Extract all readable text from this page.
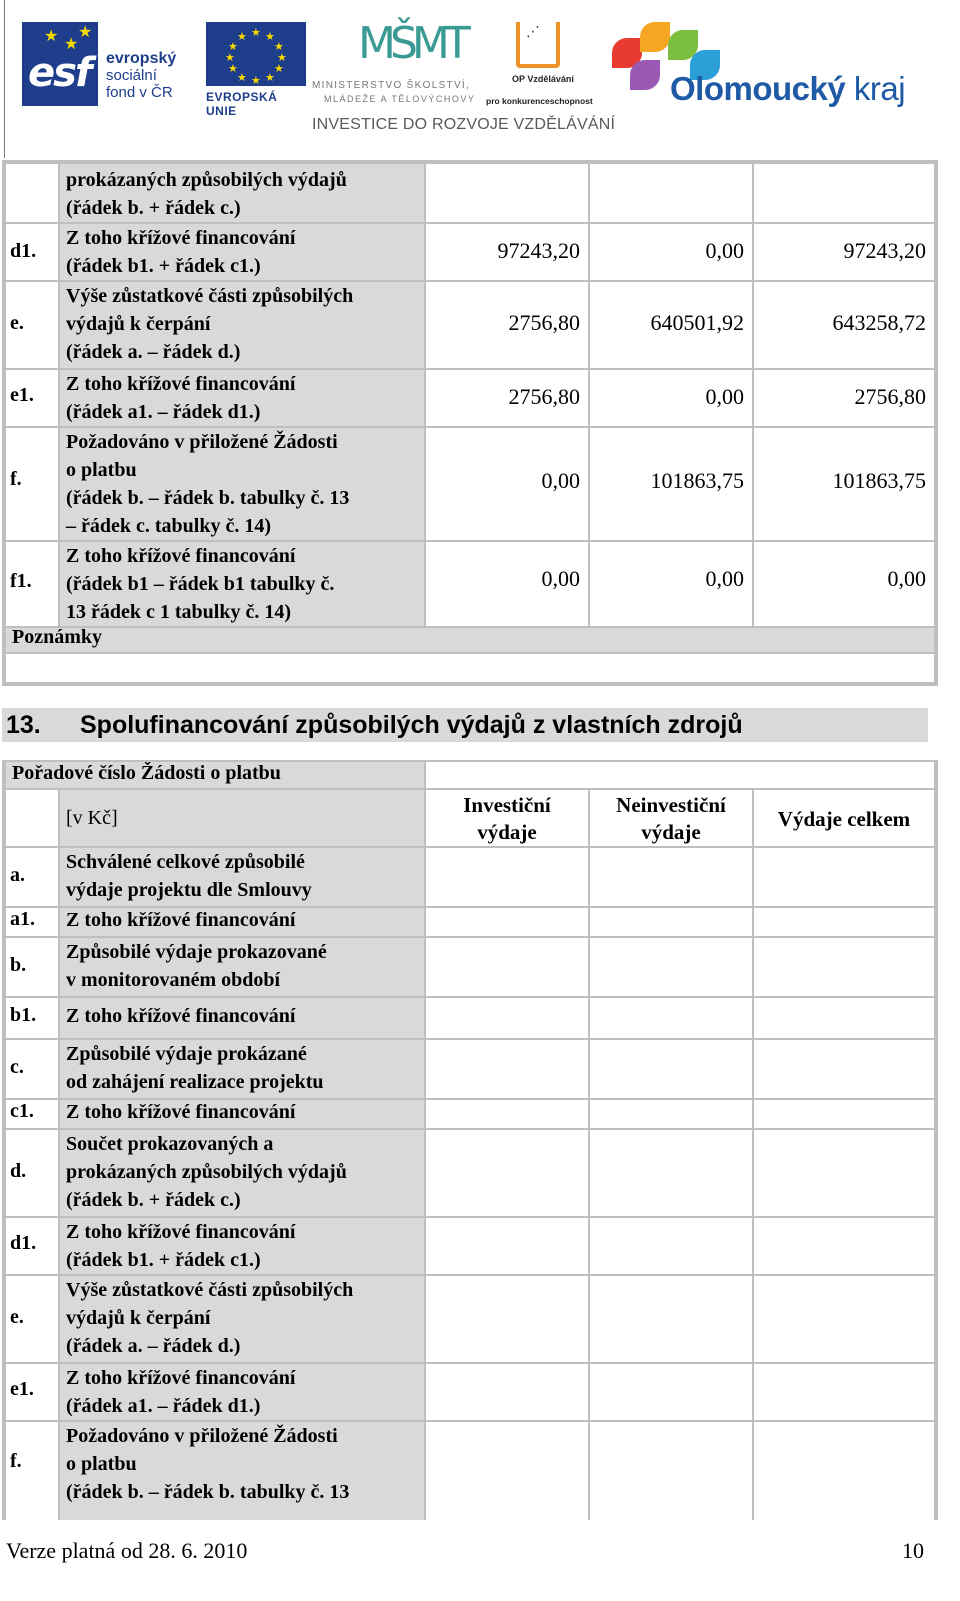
★ ★
★
esf evropský
sociální
fond v ČR
★ ★
★
★
★
★
★
★
★
★
★
★
EVROPSKÁ UNIE
MŠMT
MINISTERSTVO ŠKOLSTVÍ,
MLÁDEŽE A TĚLOVÝCHOVY
⋰
OP Vzdělávání
pro konkurenceschopnost Olomoucký kraj
INVESTICE DO ROZVOJE VZDĚLÁVÁNÍ
prokázaných způsobilých výdajů
(řádek b. + řádek c.)
d1.
Z toho křížové financování
(řádek b1. + řádek c1.)
97243,20	0,00	97243,20
e.
Výše zůstatkové části způsobilých
výdajů k čerpání
(řádek a. – řádek d.)
2756,80	640501,92	643258,72
e1. Z toho křížové financování
(řádek a1. – řádek d1.)
2756,80	0,00	2756,80
f.
Požadováno v přiložené Žádosti
o platbu
(řádek b. – řádek b. tabulky č. 13
– řádek c. tabulky č. 14)
0,00	101863,75	101863,75
f1.
Z toho křížové financování
(řádek b1 – řádek b1 tabulky č.
13 řádek c 1 tabulky č. 14)
0,00	0,00	0,00
Poznámky
13. Spolufinancování způsobilých výdajů z vlastních zdrojů
Pořadové číslo Žádosti o platbu
[v Kč]
Investiční
výdaje
Neinvestiční
výdaje
Výdaje celkem
a.
Schválené celkové způsobilé
výdaje projektu dle Smlouvy
a1. Z toho křížové financování
b.
Způsobilé výdaje prokazované
v monitorovaném období
b1. Z toho křížové financování
c.
Způsobilé výdaje prokázané
od zahájení realizace projektu
c1. Z toho křížové financování
d.
Součet prokazovaných a
prokázaných způsobilých výdajů
(řádek b. + řádek c.)
d1. Z toho křížové financování
(řádek b1. + řádek c1.)
e.
Výše zůstatkové části způsobilých
výdajů k čerpání
(řádek a. – řádek d.)
e1. Z toho křížové financování
(řádek a1. – řádek d1.)
f.
Požadováno v přiložené Žádosti
o platbu
(řádek b. – řádek b. tabulky č. 13
Verze platná od 28. 6. 2010	10
